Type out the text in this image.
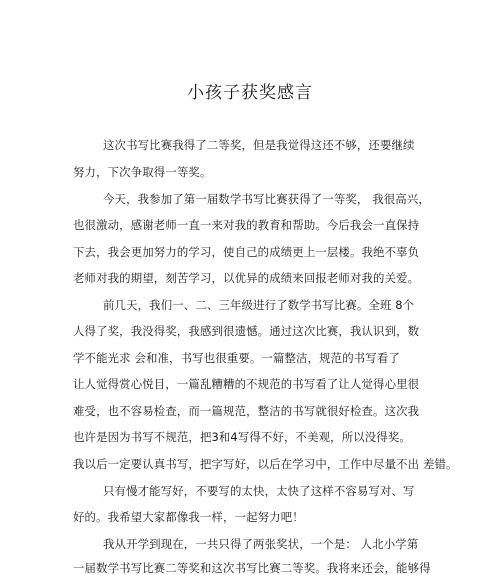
小孩子获奖感言
这次书写比赛我得了二等奖，但是我觉得这还不够，还要继续
努力，下次争取得一等奖。
今天，我参加了第一届数学书写比赛获得了一等奖， 我很高兴，
也很激动，感谢老师一直一来对我的教育和帮助。今后我会一直保持
下去，我会更加努力的学习，使自己的成绩更上一层楼。我绝不辜负
老师对我的期望，刻苦学习，以优异的成绩来回报老师对我的关爱。
前几天，我们一、二、三年级进行了数学书写比赛。全班 8个
人得了奖，我没得奖，我感到很遗憾。通过这次比赛，我认识到，数
学不能光求 会和准，书写也很重要。一篇整洁，规范的书写看了
让人觉得赏心悦目，一篇乱糟糟的不规范的书写看了让人觉得心里很
难受，也不容易检查，而一篇规范，整洁的书写就很好检查。这次我
也许是因为书写不规范，把3和4写得不好，不美观，所以没得奖。
我以后一定要认真书写，把字写好，以后在学习中，工作中尽量不出 差错。
只有慢才能写好，不要写的太快，太快了这样不容易写对、写
好的。我希望大家都像我一样，一起努力吧！
我从开学到现在，一共只得了两张奖状，一个是： 人北小学第
一届数学书写比赛二等奖和这次书写比赛二等奖。我将来还会，能够得
